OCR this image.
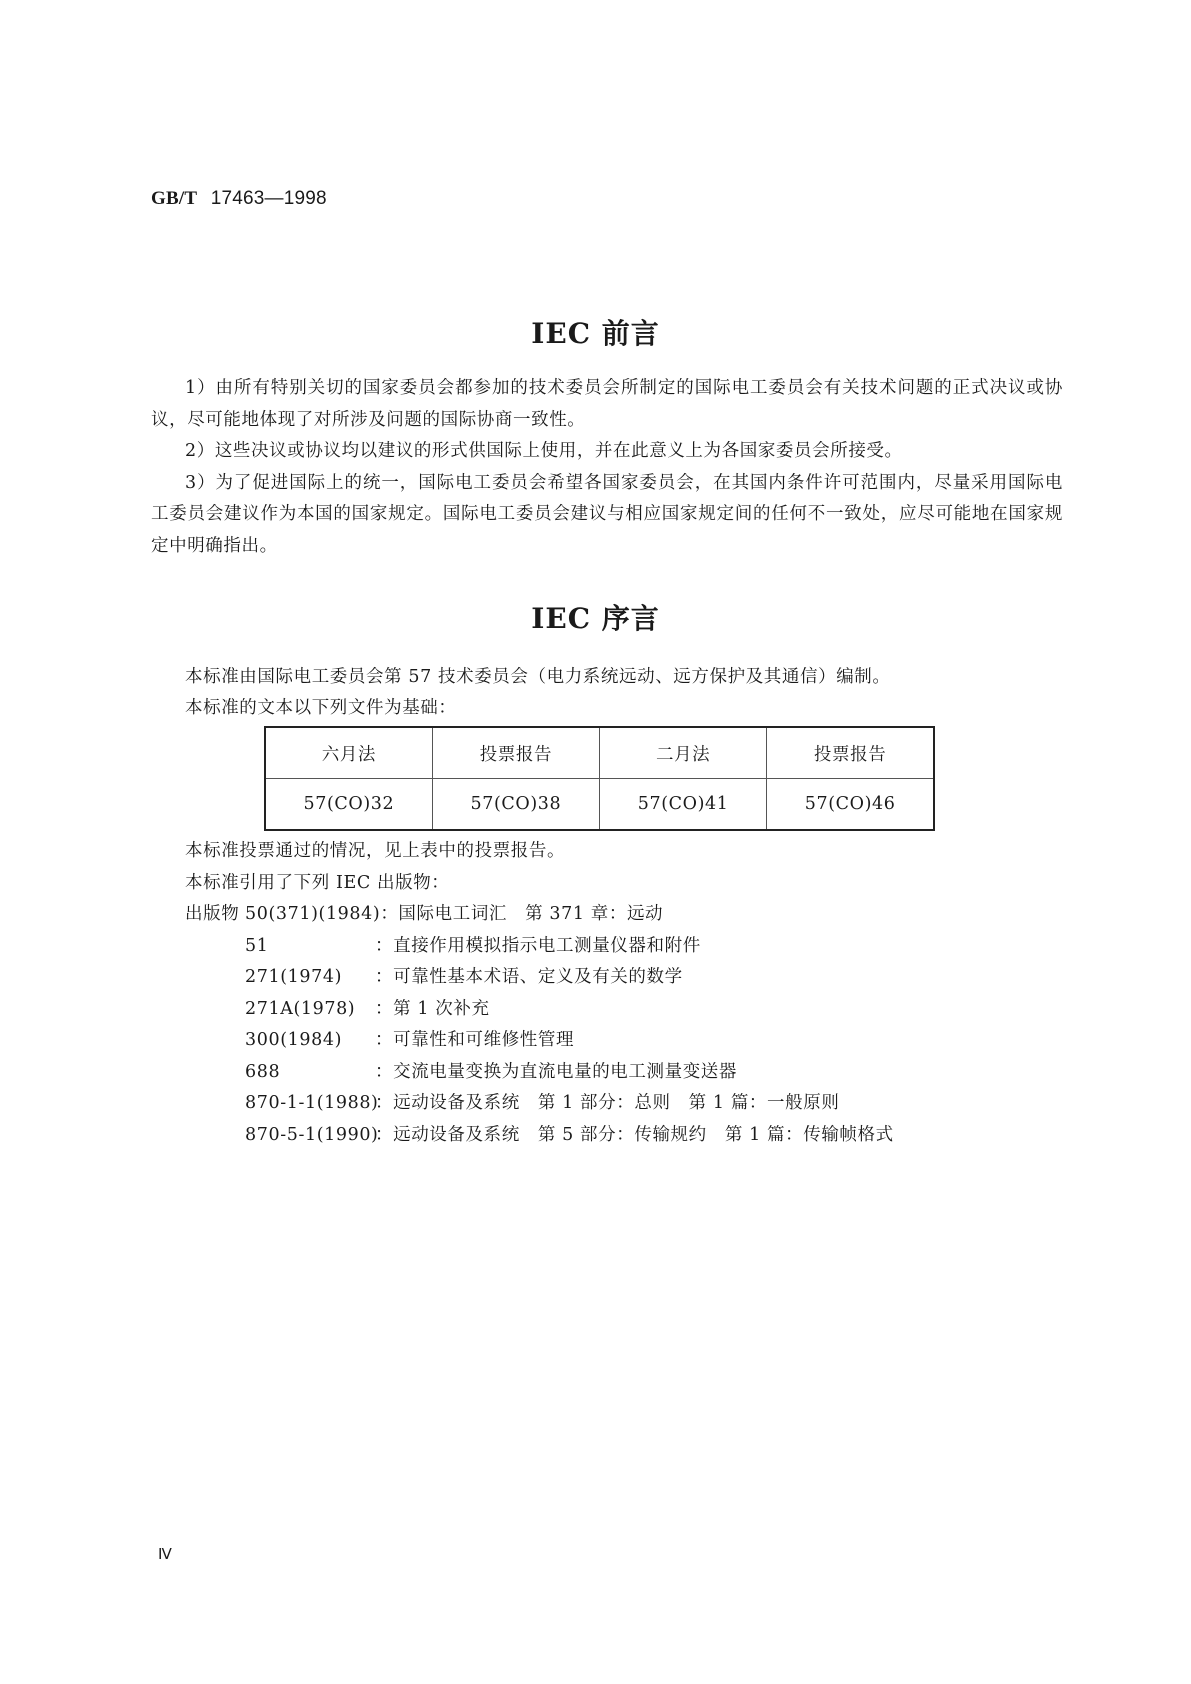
GB/T 17463—1998
IEC 前言

1）由所有特别关切的国家委员会都参加的技术委员会所制定的国际电工委员会有关技术问题的正式决议或协议，尽可能地体现了对所涉及问题的国际协商一致性。

2）这些决议或协议均以建议的形式供国际上使用，并在此意义上为各国家委员会所接受。

3）为了促进国际上的统一，国际电工委员会希望各国家委员会，在其国内条件许可范围内，尽量采用国际电工委员会建议作为本国的国家规定。国际电工委员会建议与相应国家规定间的任何不一致处，应尽可能地在国家规定中明确指出。

IEC 序言
本标准由国际电工委员会第 57 技术委员会（电力系统远动、远方保护及其通信）编制。
本标准的文本以下列文件为基础：
六月法	投票报告	二月法	投票报告
57(CO)32	57(CO)38	57(CO)41	57(CO)46
本标准投票通过的情况，见上表中的投票报告。
本标准引用了下列 IEC 出版物：
出版物 50(371)(1984)：国际电工词汇　第 371 章：远动
51	：直接作用模拟指示电工测量仪器和附件
271(1974) ：可靠性基本术语、定义及有关的数学
271A(1978) ：第 1 次补充
300(1984) ：可靠性和可维修性管理
688	：交流电量变换为直流电量的电工测量变送器
870-1-1(1988)：远动设备及系统　第 1 部分：总则　第 1 篇：一般原则
870-5-1(1990)：远动设备及系统　第 5 部分：传输规约　第 1 篇：传输帧格式
Ⅳ
